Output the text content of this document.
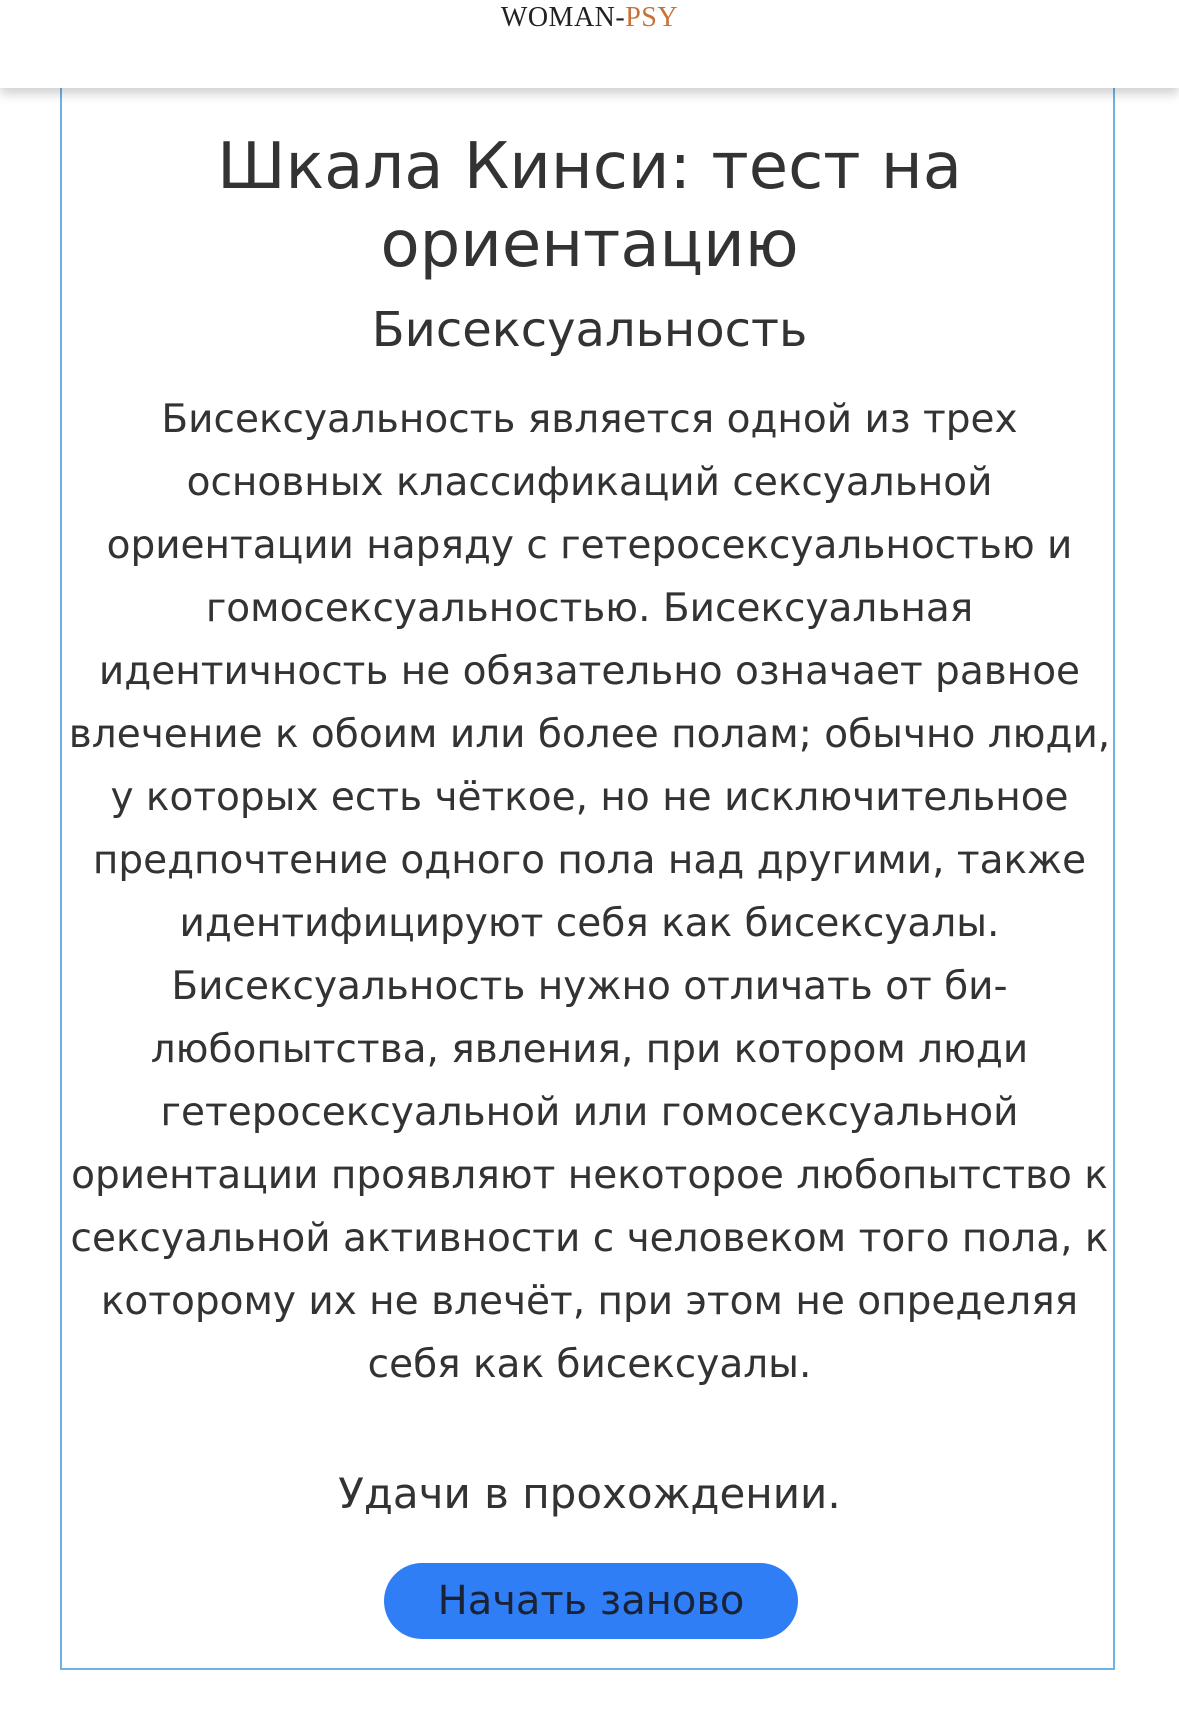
WOMAN-PSY
Шкала Кинси: тест на ориентацию
Бисексуальность

Бисексуальность является одной из трех основных классификаций сексуальной ориентации наряду с гетеросексуальностью и гомосексуальностью. Бисексуальная идентичность не обязательно означает равное влечение к обоим или более полам; обычно люди, у которых есть чёткое, но не исключительное предпочтение одного пола над другими, также идентифицируют себя как бисексуалы. Бисексуальность нужно отличать от би-любопытства, явления, при котором люди гетеросексуальной или гомосексуальной ориентации проявляют некоторое любопытство к сексуальной активности с человеком того пола, к которому их не влечёт, при этом не определяя себя как бисексуалы.

Удачи в прохождении.

Начать заново
